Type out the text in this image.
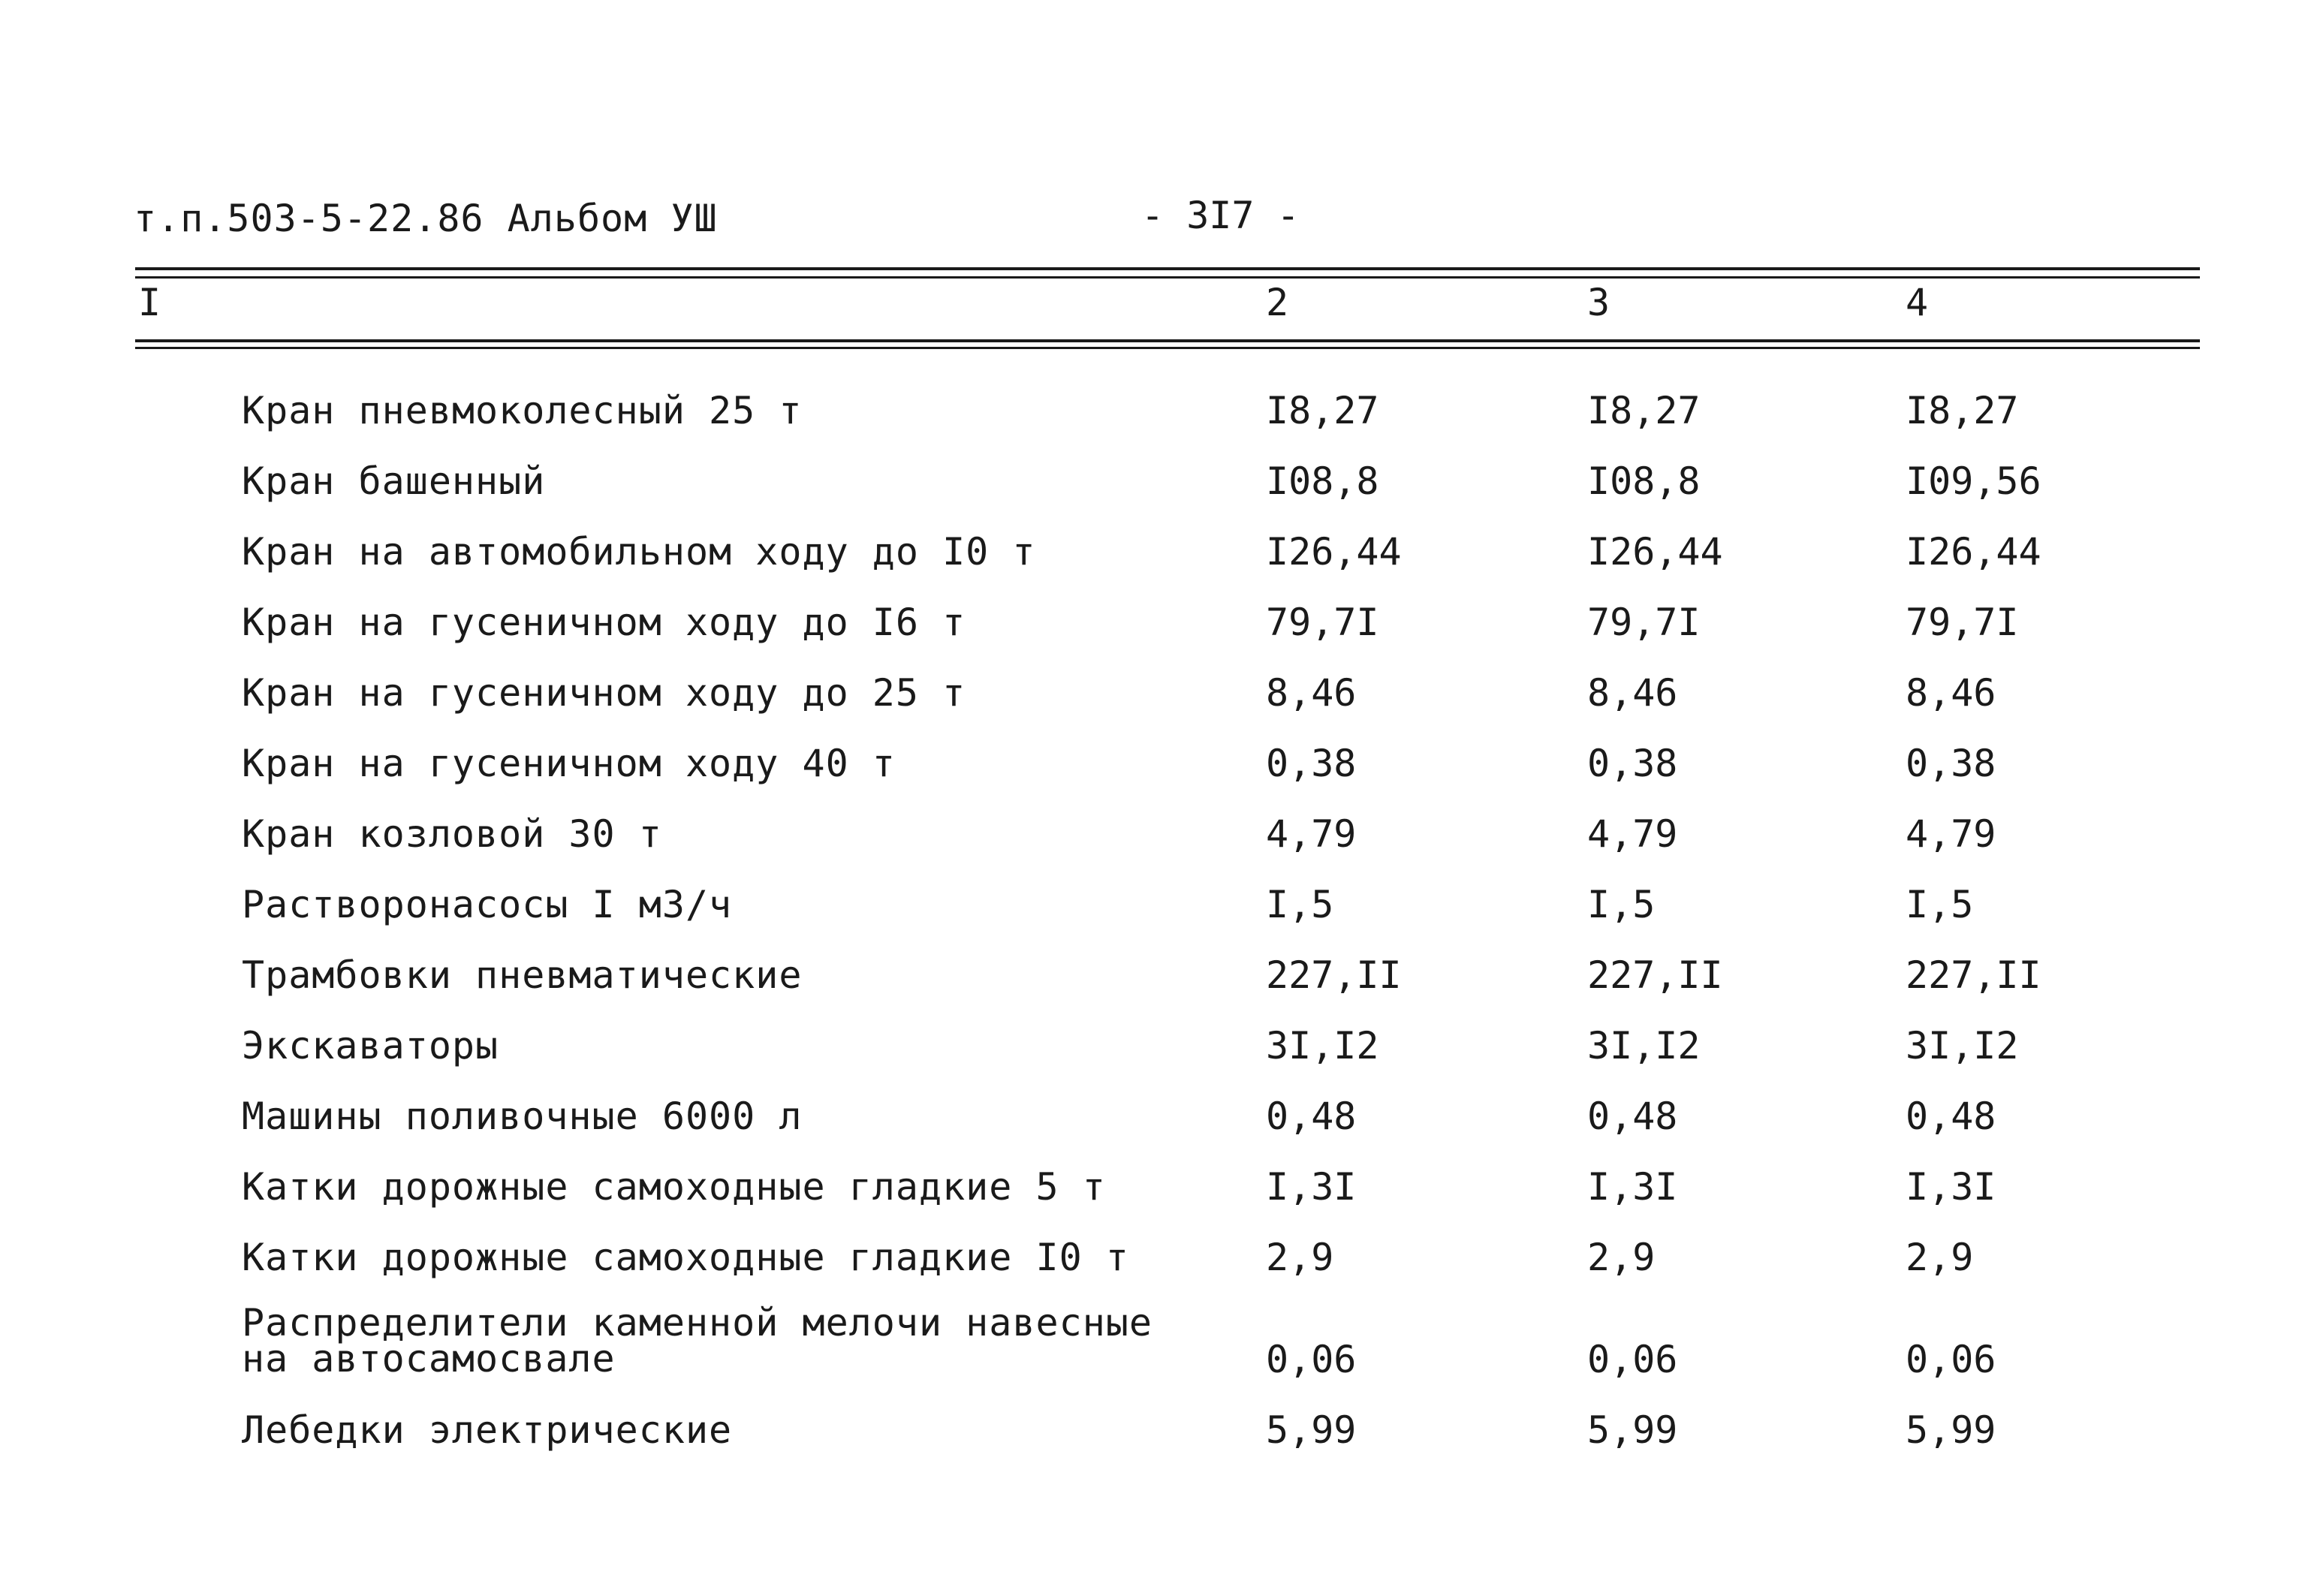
т.п.503-5-22.86 Альбом УШ	- 3I7 -
I	2	3	4
Кран пневмоколесный 25 т	I8,27	I8,27	I8,27
Кран башенный	I08,8	I08,8	I09,56
Кран на автомобильном ходу до I0 т	I26,44	I26,44	I26,44
Кран на гусеничном ходу до I6 т	79,7I	79,7I	79,7I
Кран на гусеничном ходу до 25 т	8,46	8,46	8,46
Кран на гусеничном ходу 40 т	0,38	0,38	0,38
Кран козловой 30 т	4,79	4,79	4,79
Растворонасосы I м3/ч	I,5	I,5	I,5
Трамбовки пневматические	227,II	227,II	227,II
Экскаваторы	3I,I2	3I,I2	3I,I2
Машины поливочные 6000 л	0,48	0,48	0,48
Катки дорожные самоходные гладкие 5 т	I,3I	I,3I	I,3I
Катки дорожные самоходные гладкие I0 т	2,9	2,9	2,9
Распределители каменной мелочи навесные
на автосамосвале	0,06	0,06	0,06
Лебедки электрические	5,99	5,99	5,99
